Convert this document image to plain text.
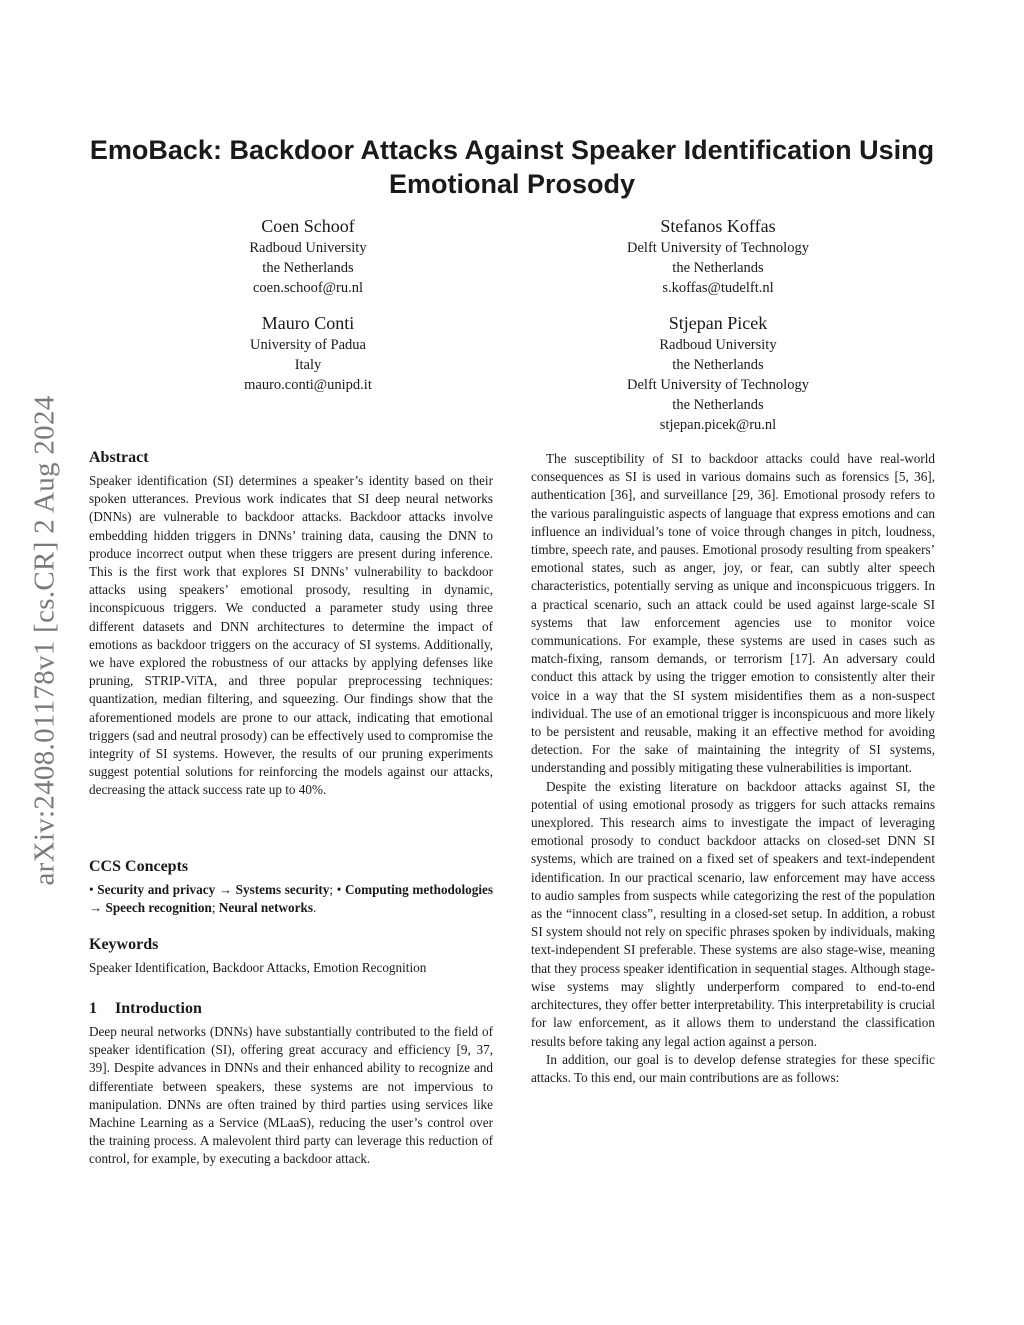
arXiv:2408.01178v1 [cs.CR] 2 Aug 2024
EmoBack: Backdoor Attacks Against Speaker Identification Using Emotional Prosody
Coen Schoof
Radboud University
the Netherlands
coen.schoof@ru.nl
Stefanos Koffas
Delft University of Technology
the Netherlands
s.koffas@tudelft.nl
Mauro Conti
University of Padua
Italy
mauro.conti@unipd.it
Stjepan Picek
Radboud University
the Netherlands
Delft University of Technology
the Netherlands
stjepan.picek@ru.nl
Abstract

Speaker identification (SI) determines a speaker’s identity based on their spoken utterances. Previous work indicates that SI deep neural networks (DNNs) are vulnerable to backdoor attacks. Backdoor attacks involve embedding hidden triggers in DNNs’ training data, causing the DNN to produce incorrect output when these triggers are present during inference. This is the first work that explores SI DNNs’ vulnerability to backdoor attacks using speakers’ emotional prosody, resulting in dynamic, inconspicuous triggers. We conducted a parameter study using three different datasets and DNN architectures to determine the impact of emotions as backdoor triggers on the accuracy of SI systems. Additionally, we have explored the robustness of our attacks by applying defenses like pruning, STRIP-ViTA, and three popular preprocessing techniques: quantization, median filtering, and squeezing. Our findings show that the aforementioned models are prone to our attack, indicating that emotional triggers (sad and neutral prosody) can be effectively used to compromise the integrity of SI systems. However, the results of our pruning experiments suggest potential solutions for reinforcing the models against our attacks, decreasing the attack success rate up to 40%.

CCS Concepts

• Security and privacy → Systems security; • Computing methodologies → Speech recognition; Neural networks.

Keywords

Speaker Identification, Backdoor Attacks, Emotion Recognition

1 Introduction

Deep neural networks (DNNs) have substantially contributed to the field of speaker identification (SI), offering great accuracy and efficiency [9, 37, 39]. Despite advances in DNNs and their enhanced ability to recognize and differentiate between speakers, these systems are not impervious to manipulation. DNNs are often trained by third parties using services like Machine Learning as a Service (MLaaS), reducing the user’s control over the training process. A malevolent third party can leverage this reduction of control, for example, by executing a backdoor attack.

The susceptibility of SI to backdoor attacks could have real-world consequences as SI is used in various domains such as forensics [5, 36], authentication [36], and surveillance [29, 36]. Emotional prosody refers to the various paralinguistic aspects of language that express emotions and can influence an individual’s tone of voice through changes in pitch, loudness, timbre, speech rate, and pauses. Emotional prosody resulting from speakers’ emotional states, such as anger, joy, or fear, can subtly alter speech characteristics, potentially serving as unique and inconspicuous triggers. In a practical scenario, such an attack could be used against large-scale SI systems that law enforcement agencies use to monitor voice communications. For example, these systems are used in cases such as match-fixing, ransom demands, or terrorism [17]. An adversary could conduct this attack by using the trigger emotion to consistently alter their voice in a way that the SI system misidentifies them as a non-suspect individual. The use of an emotional trigger is inconspicuous and more likely to be persistent and reusable, making it an effective method for avoiding detection. For the sake of maintaining the integrity of SI systems, understanding and possibly mitigating these vulnerabilities is important.

Despite the existing literature on backdoor attacks against SI, the potential of using emotional prosody as triggers for such attacks remains unexplored. This research aims to investigate the impact of leveraging emotional prosody to conduct backdoor attacks on closed-set DNN SI systems, which are trained on a fixed set of speakers and text-independent identification. In our practical scenario, law enforcement may have access to audio samples from suspects while categorizing the rest of the population as the “innocent class”, resulting in a closed-set setup. In addition, a robust SI system should not rely on specific phrases spoken by individuals, making text-independent SI preferable. These systems are also stage-wise, meaning that they process speaker identification in sequential stages. Although stage-wise systems may slightly underperform compared to end-to-end architectures, they offer better interpretability. This interpretability is crucial for law enforcement, as it allows them to understand the classification results before taking any legal action against a person.

In addition, our goal is to develop defense strategies for these specific attacks. To this end, our main contributions are as follows:
